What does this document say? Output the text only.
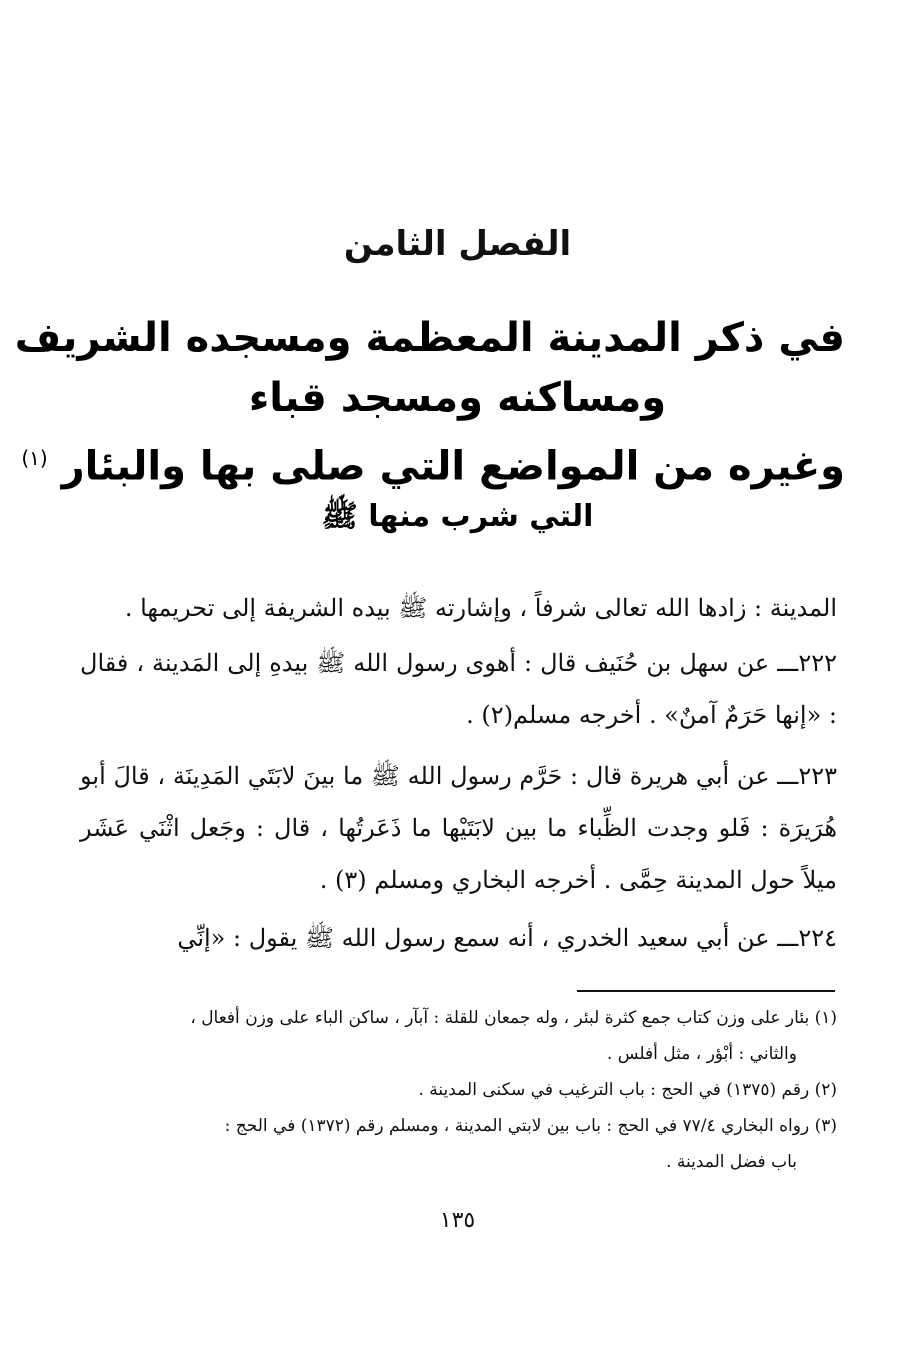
الفصل الثامن
في ذكر المدينة المعظمة ومسجده الشريف
ومساكنه ومسجد قباء
وغيره من المواضع التي صلى بها والبئار $^{(١)}$
التي شرب منها ﷺ

المدينة : زادها الله تعالى شرفاً ، وإشارته ﷺ بيده الشريفة إلى تحريمها .

٢٢٢ـــ عن سهل بن حُنَيف قال : أهوى رسول الله ﷺ بيدهِ إلى المَدينة ، فقال : «إنها حَرَمٌ آمنٌ» . أخرجه مسلم(٢) .

٢٢٣ـــ عن أبي هريرة قال : حَرَّم رسول الله ﷺ ما بينَ لابَتَي المَدِينَة ، قالَ أبو هُرَيرَة : فَلو وجدت الظِّباء ما بين لابَتَيْها ما ذَعَرتُها ، قال : وجَعل اثْنَي عَشَر ميلاً حول المدينة حِمَّى . أخرجه البخاري ومسلم (٣) .

٢٢٤ـــ عن أبي سعيد الخدري ، أنه سمع رسول الله ﷺ يقول : «إنِّي

(١) بئار على وزن كتاب جمع كثرة لبئر ، وله جمعان للقلة : آبآر ، ساكن الباء على وزن أفعال ،

والثاني : أبْؤر ، مثل أفلس .

(٢) رقم (١٣٧٥) في الحج : باب الترغيب في سكنى المدينة .

(٣) رواه البخاري ٧٧/٤ في الحج : باب بين لابتي المدينة ، ومسلم رقم (١٣٧٢) في الحج :

باب فضل المدينة .

١٣٥
